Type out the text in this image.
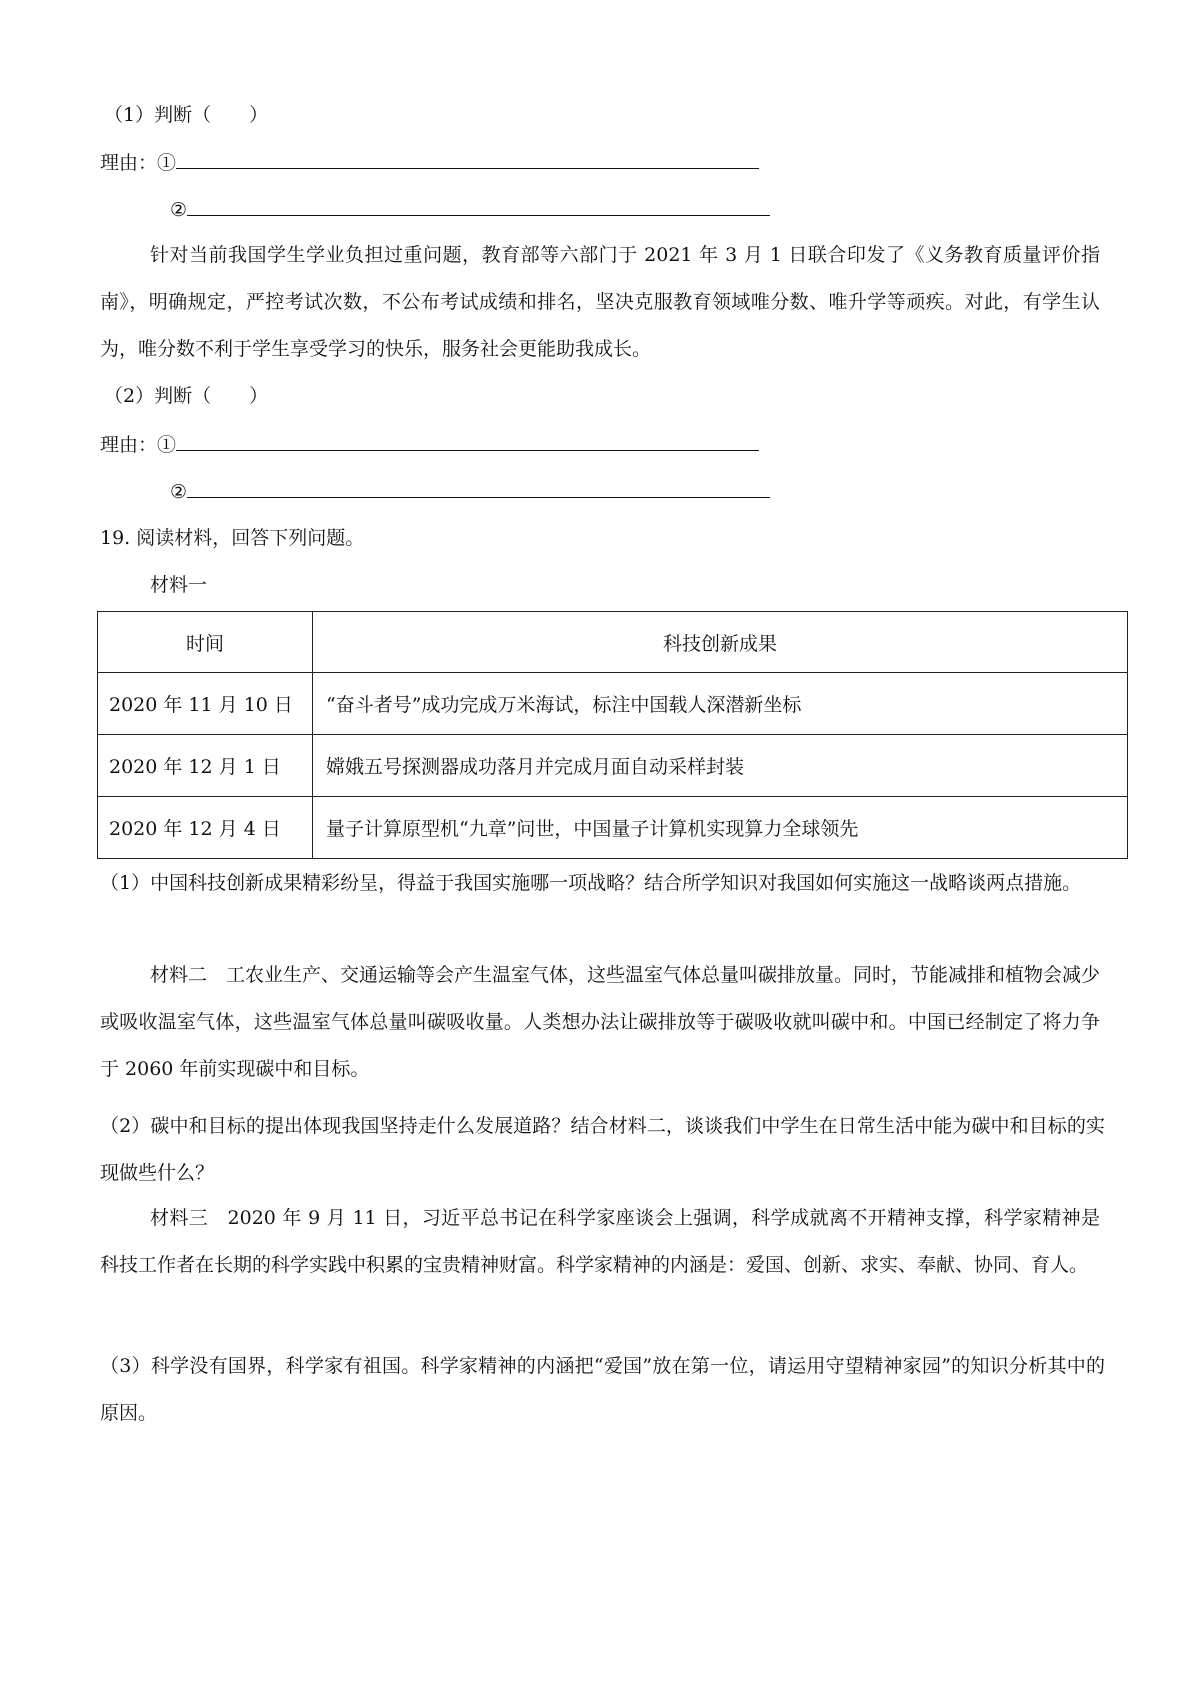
（1）判断（　　）
理由：①
②
针对当前我国学生学业负担过重问题，教育部等六部门于 2021 年 3 月 1 日联合印发了《义务教育质量评价指南》，明确规定，严控考试次数，不公布考试成绩和排名，坚决克服教育领域唯分数、唯升学等顽疾。对此，有学生认为，唯分数不利于学生享受学习的快乐，服务社会更能助我成长。
（2）判断（　　）
理由：①
②
19. 阅读材料，回答下列问题。
材料一
时间	科技创新成果
2020 年 11 月 10 日	“奋斗者号”成功完成万米海试，标注中国载人深潜新坐标
2020 年 12 月 1 日	嫦娥五号探测器成功落月并完成月面自动采样封装
2020 年 12 月 4 日	量子计算原型机“九章”问世，中国量子计算机实现算力全球领先
（1）中国科技创新成果精彩纷呈，得益于我国实施哪一项战略？结合所学知识对我国如何实施这一战略谈两点措施。
材料二　工农业生产、交通运输等会产生温室气体，这些温室气体总量叫碳排放量。同时，节能减排和植物会减少或吸收温室气体，这些温室气体总量叫碳吸收量。人类想办法让碳排放等于碳吸收就叫碳中和。中国已经制定了将力争于 2060 年前实现碳中和目标。
（2）碳中和目标的提出体现我国坚持走什么发展道路？结合材料二，谈谈我们中学生在日常生活中能为碳中和目标的实现做些什么？
材料三　2020 年 9 月 11 日，习近平总书记在科学家座谈会上强调，科学成就离不开精神支撑，科学家精神是科技工作者在长期的科学实践中积累的宝贵精神财富。科学家精神的内涵是：爱国、创新、求实、奉献、协同、育人。
（3）科学没有国界，科学家有祖国。科学家精神的内涵把“爱国”放在第一位，请运用守望精神家园”的知识分析其中的原因。
